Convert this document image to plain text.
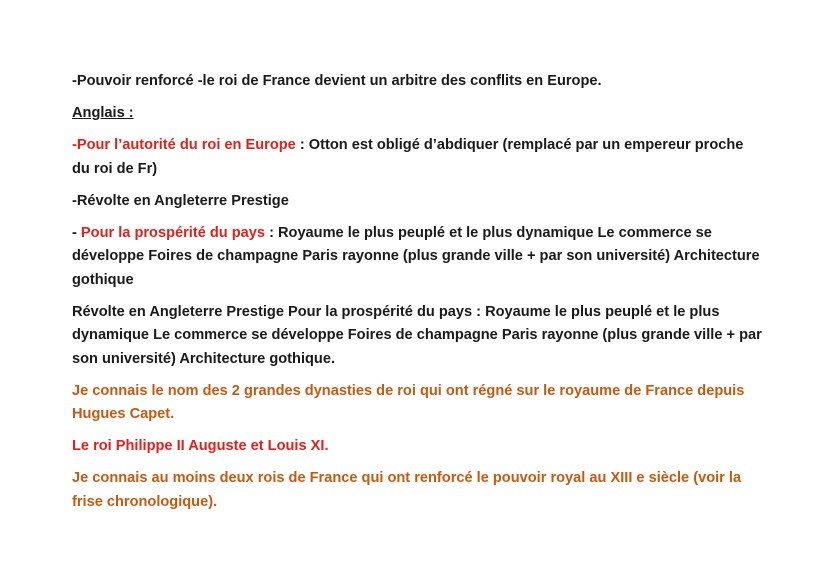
-Pouvoir renforcé -le roi de France devient un arbitre des conflits en Europe.

Anglais :

-Pour l’autorité du roi en Europe : Otton est obligé d’abdiquer (remplacé par un empereur proche du roi de Fr)

-Révolte en Angleterre Prestige

- Pour la prospérité du pays : Royaume le plus peuplé et le plus dynamique Le commerce se développe Foires de champagne Paris rayonne (plus grande ville + par son université) Architecture gothique

Révolte en Angleterre Prestige Pour la prospérité du pays : Royaume le plus peuplé et le plus dynamique Le commerce se développe Foires de champagne Paris rayonne (plus grande ville + par son université) Architecture gothique.

Je connais le nom des 2 grandes dynasties de roi qui ont régné sur le royaume de France depuis Hugues Capet.

Le roi Philippe II Auguste et Louis XI.

Je connais au moins deux rois de France qui ont renforcé le pouvoir royal au XIII e siècle (voir la frise chronologique).
